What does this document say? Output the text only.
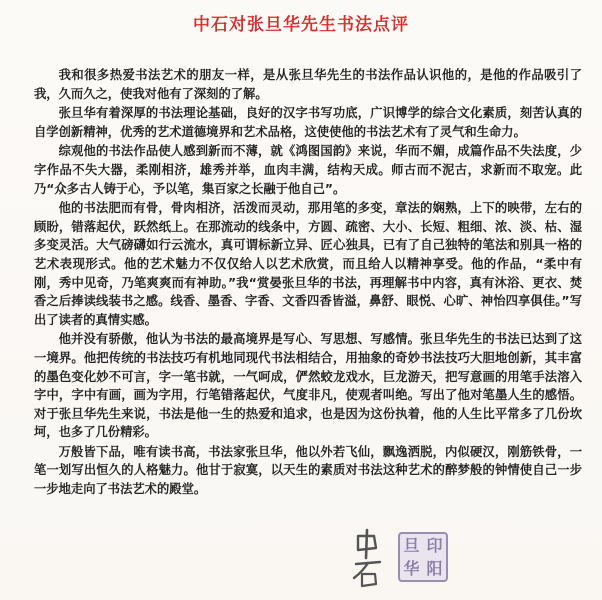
中石对张旦华先生书法点评

我和很多热爱书法艺术的朋友一样，是从张旦华先生的书法作品认识他的，是他的作品吸引了我，久而久之，使我对他有了深刻的了解。

张旦华有着深厚的书法理论基础，良好的汉字书写功底，广识博学的综合文化素质，刻苦认真的自学创新精神，优秀的艺术道德境界和艺术品格，这使使他的书法艺术有了灵气和生命力。

综观他的书法作品使人感到新而不薄，就《鸿图国韵》来说，华而不媚，成篇作品不失法度，少字作品不失大器，柔刚相济，雄秀并举，血肉丰满，结构天成。师古而不泥古，求新而不取宠。此乃“众多古人铸于心，予以笔，集百家之长融于他自己”。

他的书法肥而有骨，骨肉相济，活泼而灵动，那用笔的多变，章法的娴熟，上下的映带，左右的顾盼，错落起伏，跃然纸上。在那流动的线条中，方圆、疏密、大小、长短、粗细、浓、淡、枯、湿多变灵活。大气磅礴如行云流水，真可谓标新立异、匠心独具，已有了自己独特的笔法和别具一格的艺术表现形式。他的艺术魅力不仅仅给人以艺术欣赏，而且给人以精神享受。他的作品，“柔中有刚，秀中见奇，乃笔爽爽而有神助。”我“赏晏张旦华的书法，再理解书中内容，真有沐浴、更衣、焚香之后捧读线装书之感。线香、墨香、字香、文香四香皆溢，鼻舒、眼悦、心旷、神怡四享俱佳。”写出了读者的真情实感。

他并没有骄傲，他认为书法的最高境界是写心、写思想、写感情。张旦华先生的书法已达到了这一境界。他把传统的书法技巧有机地同现代书法相结合，用抽象的奇妙书法技巧大胆地创新，其丰富的墨色变化妙不可言，字一笔书就，一气呵成，俨然蛟龙戏水，巨龙游天，把写意画的用笔手法溶入字中，字中有画，画为字用，行笔错落起伏，气度非凡，使观者叫绝。写出了他对笔墨人生的感悟。对于张旦华先生来说，书法是他一生的热爱和追求，也是因为这份执着，他的人生比平常多了几份坎坷，也多了几份精彩。

万般皆下品，唯有读书高，书法家张旦华，他以外若飞仙，飘逸洒脱，内似硬汉，刚筋铁骨，一笔一划写出恒久的人格魅力。他甘于寂寞，以天生的素质对书法这种艺术的醉梦般的钟情使自己一步一步地走向了书法艺术的殿堂。

旦 印
华 阳
